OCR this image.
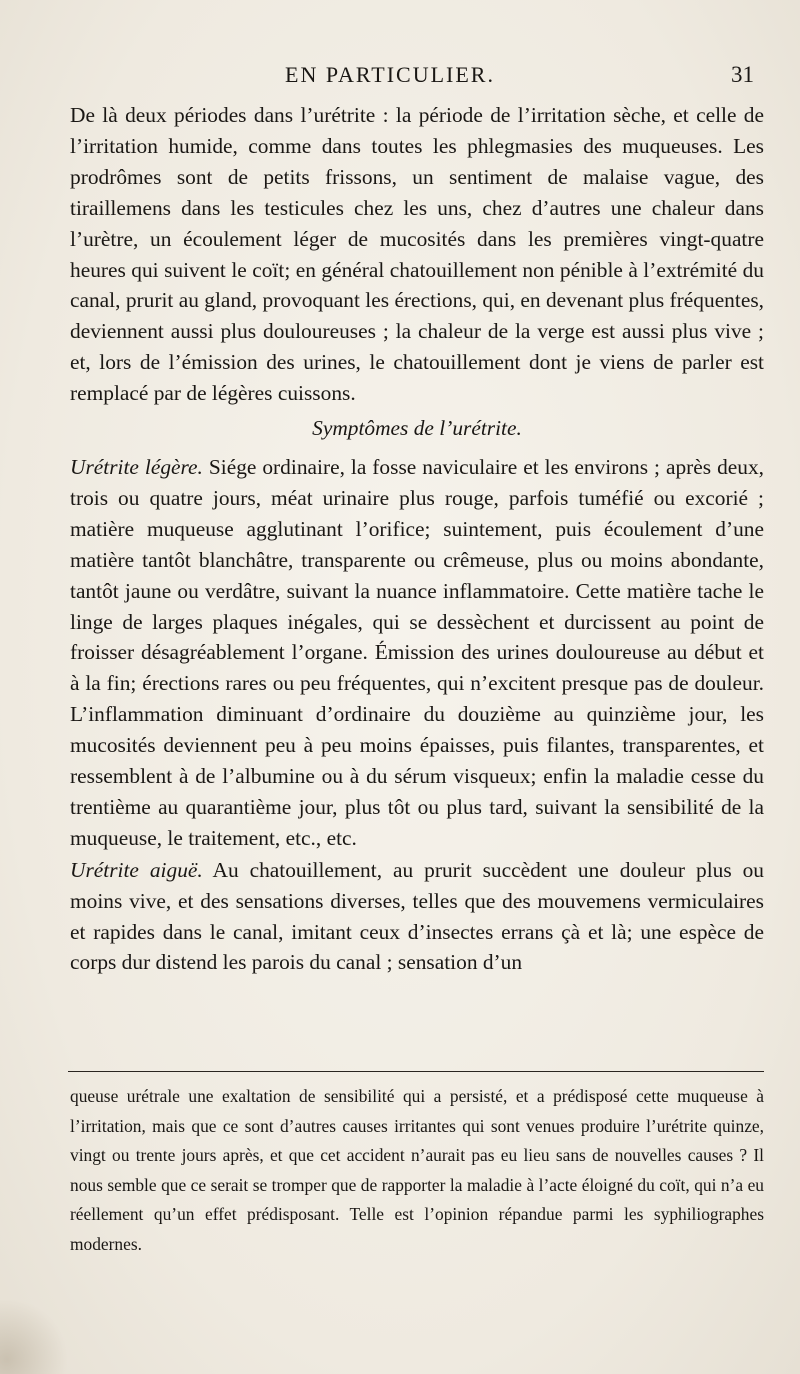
EN PARTICULIER.	31

De là deux périodes dans l’urétrite : la période de l’irritation sèche, et celle de l’irritation humide, comme dans toutes les phlegmasies des muqueuses. Les prodrômes sont de petits frissons, un sentiment de malaise vague, des tiraillemens dans les testicules chez les uns, chez d’autres une chaleur dans l’urètre, un écoulement léger de mucosités dans les premières vingt-quatre heures qui suivent le coït; en général chatouillement non pénible à l’extrémité du canal, prurit au gland, provoquant les érections, qui, en devenant plus fréquentes, deviennent aussi plus douloureuses ; la chaleur de la verge est aussi plus vive ; et, lors de l’émission des urines, le chatouillement dont je viens de parler est remplacé par de légères cuissons.

Symptômes de l’urétrite.

Urétrite légère. Siége ordinaire, la fosse naviculaire et les environs ; après deux, trois ou quatre jours, méat urinaire plus rouge, parfois tuméfié ou excorié ; matière muqueuse agglutinant l’orifice; suintement, puis écoulement d’une matière tantôt blanchâtre, transparente ou crêmeuse, plus ou moins abondante, tantôt jaune ou verdâtre, suivant la nuance inflammatoire. Cette matière tache le linge de larges plaques inégales, qui se dessèchent et durcissent au point de froisser désagréablement l’organe. Émission des urines douloureuse au début et à la fin; érections rares ou peu fréquentes, qui n’excitent presque pas de douleur. L’inflammation diminuant d’ordinaire du douzième au quinzième jour, les mucosités deviennent peu à peu moins épaisses, puis filantes, transparentes, et ressemblent à de l’albumine ou à du sérum visqueux; enfin la maladie cesse du trentième au quarantième jour, plus tôt ou plus tard, suivant la sensibilité de la muqueuse, le traitement, etc., etc.

Urétrite aiguë. Au chatouillement, au prurit succèdent une douleur plus ou moins vive, et des sensations diverses, telles que des mouvemens vermiculaires et rapides dans le canal, imitant ceux d’insectes errans çà et là; une espèce de corps dur distend les parois du canal ; sensation d’un

queuse urétrale une exaltation de sensibilité qui a persisté, et a prédisposé cette muqueuse à l’irritation, mais que ce sont d’autres causes irritantes qui sont venues produire l’urétrite quinze, vingt ou trente jours après, et que cet accident n’aurait pas eu lieu sans de nouvelles causes ? Il nous semble que ce serait se tromper que de rapporter la maladie à l’acte éloigné du coït, qui n’a eu réellement qu’un effet prédisposant. Telle est l’opinion répandue parmi les syphiliographes modernes.
